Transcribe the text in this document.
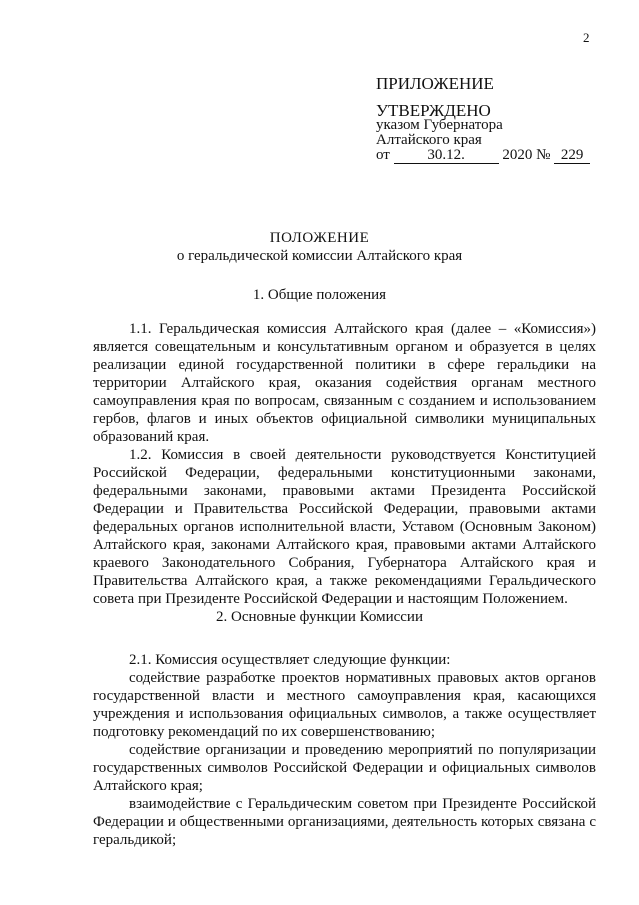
2
ПРИЛОЖЕНИЕ
УТВЕРЖДЕНО
указом Губернатора
Алтайского края
от	30.12.	2020 № 229
ПОЛОЖЕНИЕ
о геральдической комиссии Алтайского края
1. Общие положения

1.1. Геральдическая комиссия Алтайского края (далее – «Комиссия») является совещательным и консультативным органом и образуется в целях реализации единой государственной политики в сфере геральдики на территории Алтайского края, оказания содействия органам местного самоуправления края по вопросам, связанным с созданием и использованием гербов, флагов и иных объектов официальной символики муниципальных образований края.

1.2. Комиссия в своей деятельности руководствуется Конституцией Российской Федерации, федеральными конституционными законами, федеральными законами, правовыми актами Президента Российской Федерации и Правительства Российской Федерации, правовыми актами федеральных органов исполнительной власти, Уставом (Основным Законом) Алтайского края, законами Алтайского края, правовыми актами Алтайского краевого Законодательного Собрания, Губернатора Алтайского края и Правительства Алтайского края, а также рекомендациями Геральдического совета при Президенте Российской Федерации и настоящим Положением.

2. Основные функции Комиссии

2.1. Комиссия осуществляет следующие функции:

содействие разработке проектов нормативных правовых актов органов государственной власти и местного самоуправления края, касающихся учреждения и использования официальных символов, а также осуществляет подготовку рекомендаций по их совершенствованию;

содействие организации и проведению мероприятий по популяризации государственных символов Российской Федерации и официальных символов Алтайского края;

взаимодействие с Геральдическим советом при Президенте Российской Федерации и общественными организациями, деятельность которых связана с геральдикой;
